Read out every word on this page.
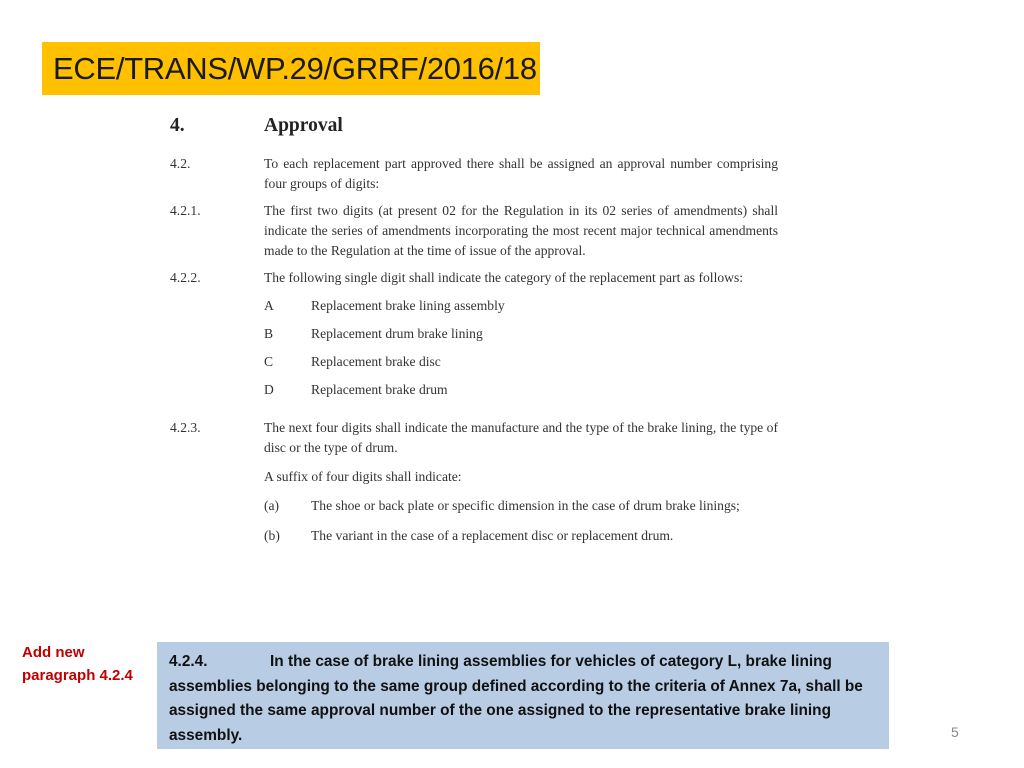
ECE/TRANS/WP.29/GRRF/2016/18
4.	Approval
4.2.	To each replacement part approved there shall be assigned an approval number comprising four groups of digits:
4.2.1.	The first two digits (at present 02 for the Regulation in its 02 series of amendments) shall indicate the series of amendments incorporating the most recent major technical amendments made to the Regulation at the time of issue of the approval.
4.2.2.	The following single digit shall indicate the category of the replacement part as follows:
A	Replacement brake lining assembly
B	Replacement drum brake lining
C	Replacement brake disc
D	Replacement brake drum
4.2.3.	The next four digits shall indicate the manufacture and the type of the brake lining, the type of disc or the type of drum.
A suffix of four digits shall indicate:
(a)	The shoe or back plate or specific dimension in the case of drum brake linings;
(b)	The variant in the case of a replacement disc or replacement drum.
Add new paragraph 4.2.4
4.2.4.	In the case of brake lining assemblies for vehicles of category L, brake lining assemblies belonging to the same group defined according to the criteria of Annex 7a, shall be assigned the same approval number of the one assigned to the representative brake lining assembly.	5
